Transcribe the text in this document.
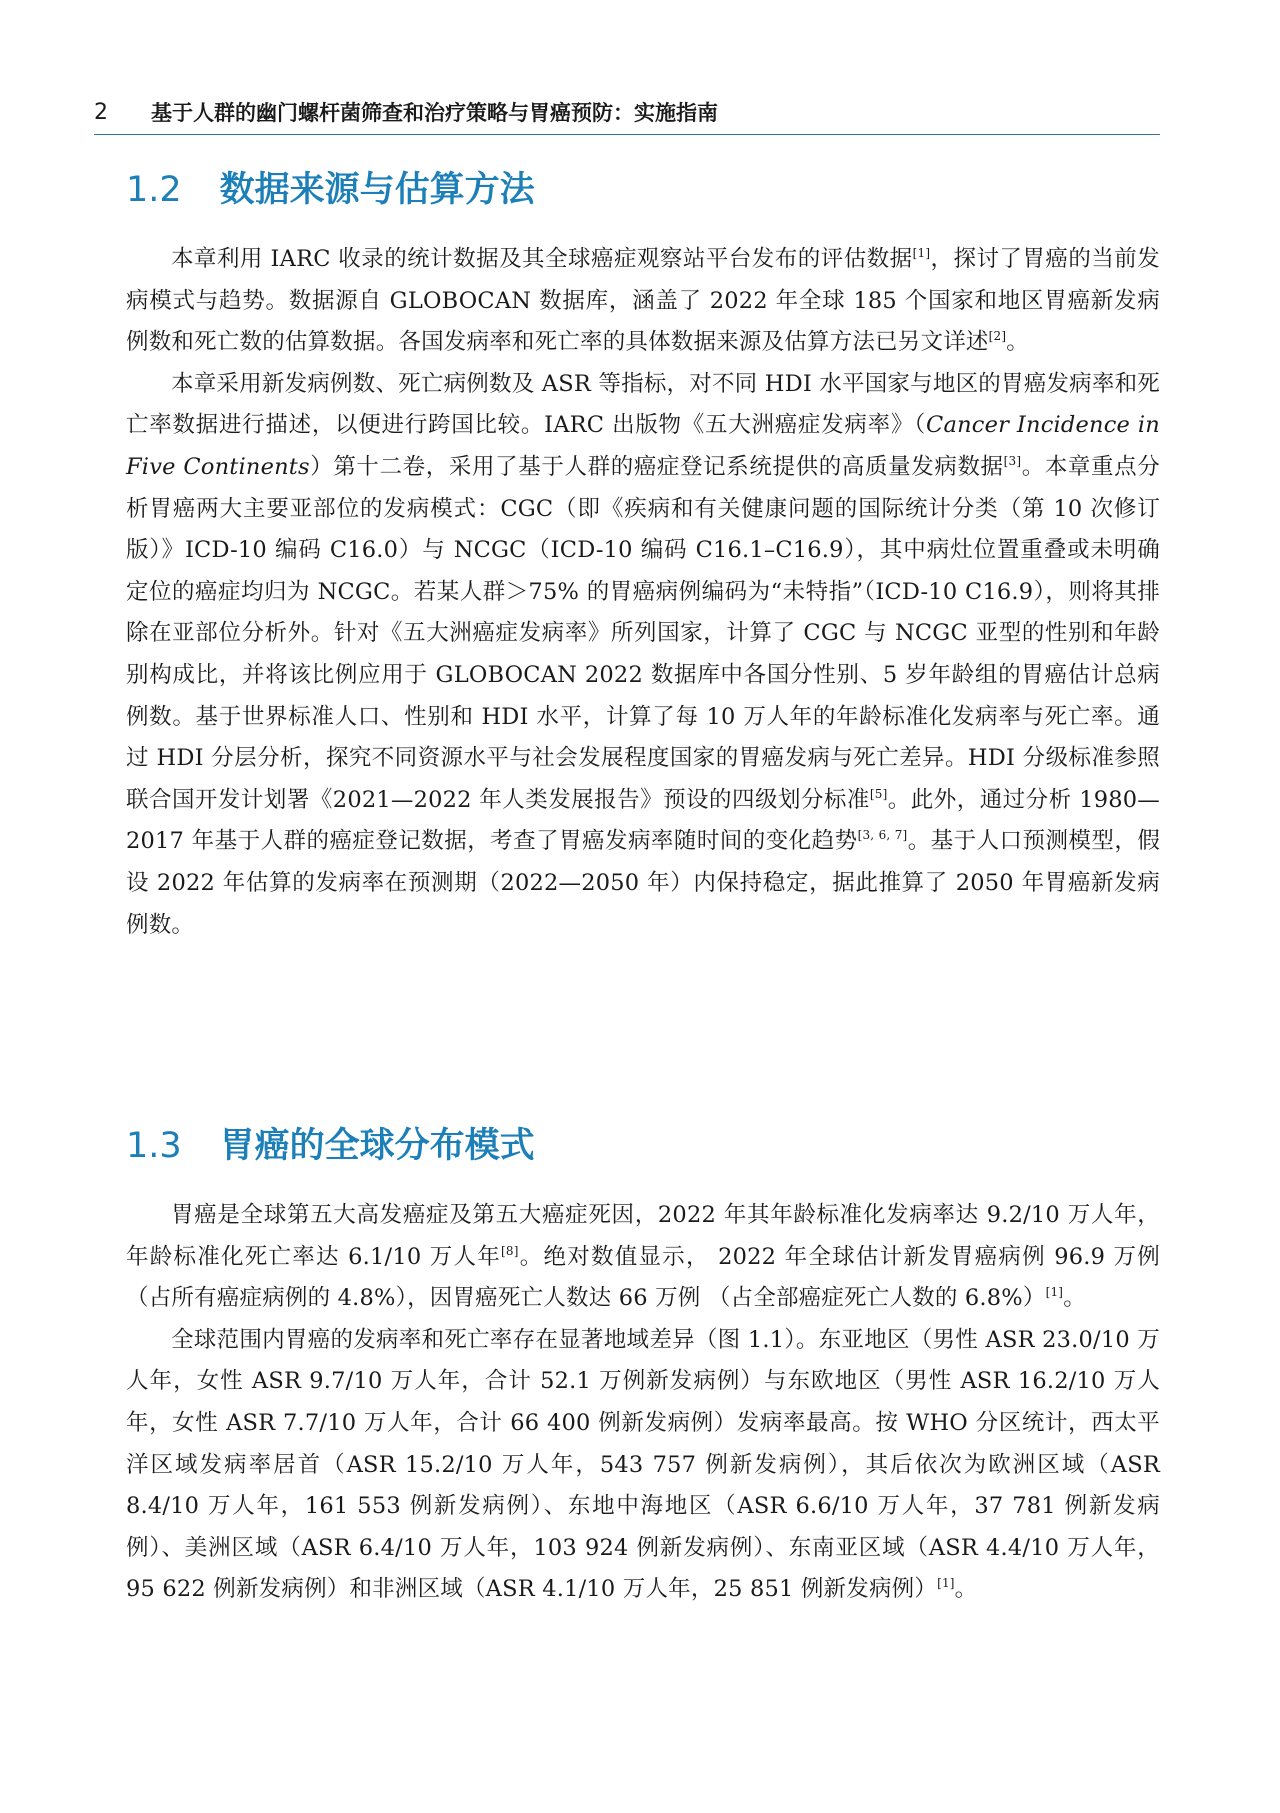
2 基于人群的幽门螺杆菌筛查和治疗策略与胃癌预防：实施指南
1.2 数据来源与估算方法

本章利用 IARC 收录的统计数据及其全球癌症观察站平台发布的评估数据[1]，探讨了胃癌的当前发病模式与趋势。数据源自 GLOBOCAN 数据库，涵盖了 2022 年全球 185 个国家和地区胃癌新发病例数和死亡数的估算数据。各国发病率和死亡率的具体数据来源及估算方法已另文详述[2]。

本章采用新发病例数、死亡病例数及 ASR 等指标，对不同 HDI 水平国家与地区的胃癌发病率和死亡率数据进行描述，以便进行跨国比较。IARC 出版物《五大洲癌症发病率》（Cancer Incidence in Five Continents）第十二卷，采用了基于人群的癌症登记系统提供的高质量发病数据[3]。本章重点分析胃癌两大主要亚部位的发病模式：CGC（即《疾病和有关健康问题的国际统计分类（第 10 次修订版）》ICD-10 编码 C16.0）与 NCGC（ICD-10 编码 C16.1–C16.9），其中病灶位置重叠或未明确定位的癌症均归为 NCGC。若某人群＞75% 的胃癌病例编码为“未特指”（ICD-10 C16.9），则将其排除在亚部位分析外。针对《五大洲癌症发病率》所列国家，计算了 CGC 与 NCGC 亚型的性别和年龄别构成比，并将该比例应用于 GLOBOCAN 2022 数据库中各国分性别、5 岁年龄组的胃癌估计总病例数。基于世界标准人口、性别和 HDI 水平，计算了每 10 万人年的年龄标准化发病率与死亡率。通过 HDI 分层分析，探究不同资源水平与社会发展程度国家的胃癌发病与死亡差异。HDI 分级标准参照联合国开发计划署《2021—2022 年人类发展报告》预设的四级划分标准[5]。此外，通过分析 1980—2017 年基于人群的癌症登记数据，考查了胃癌发病率随时间的变化趋势[3, 6, 7]。基于人口预测模型，假设 2022 年估算的发病率在预测期（2022—2050 年）内保持稳定，据此推算了 2050 年胃癌新发病例数。

1.3 胃癌的全球分布模式

胃癌是全球第五大高发癌症及第五大癌症死因，2022 年其年龄标准化发病率达 9.2/10 万人年，年龄标准化死亡率达 6.1/10 万人年[8]。绝对数值显示， 2022 年全球估计新发胃癌病例 96.9 万例（占所有癌症病例的 4.8%），因胃癌死亡人数达 66 万例 （占全部癌症死亡人数的 6.8%）[1]。

全球范围内胃癌的发病率和死亡率存在显著地域差异（图 1.1）。东亚地区（男性 ASR 23.0/10 万人年，女性 ASR 9.7/10 万人年，合计 52.1 万例新发病例）与东欧地区（男性 ASR 16.2/10 万人年，女性 ASR 7.7/10 万人年，合计 66 400 例新发病例）发病率最高。按 WHO 分区统计，西太平洋区域发病率居首（ASR 15.2/10 万人年，543 757 例新发病例），其后依次为欧洲区域（ASR 8.4/10 万人年，161 553 例新发病例）、东地中海地区（ASR 6.6/10 万人年，37 781 例新发病例）、美洲区域（ASR 6.4/10 万人年，103 924 例新发病例）、东南亚区域（ASR 4.4/10 万人年，95 622 例新发病例）和非洲区域（ASR 4.1/10 万人年，25 851 例新发病例）[1]。
